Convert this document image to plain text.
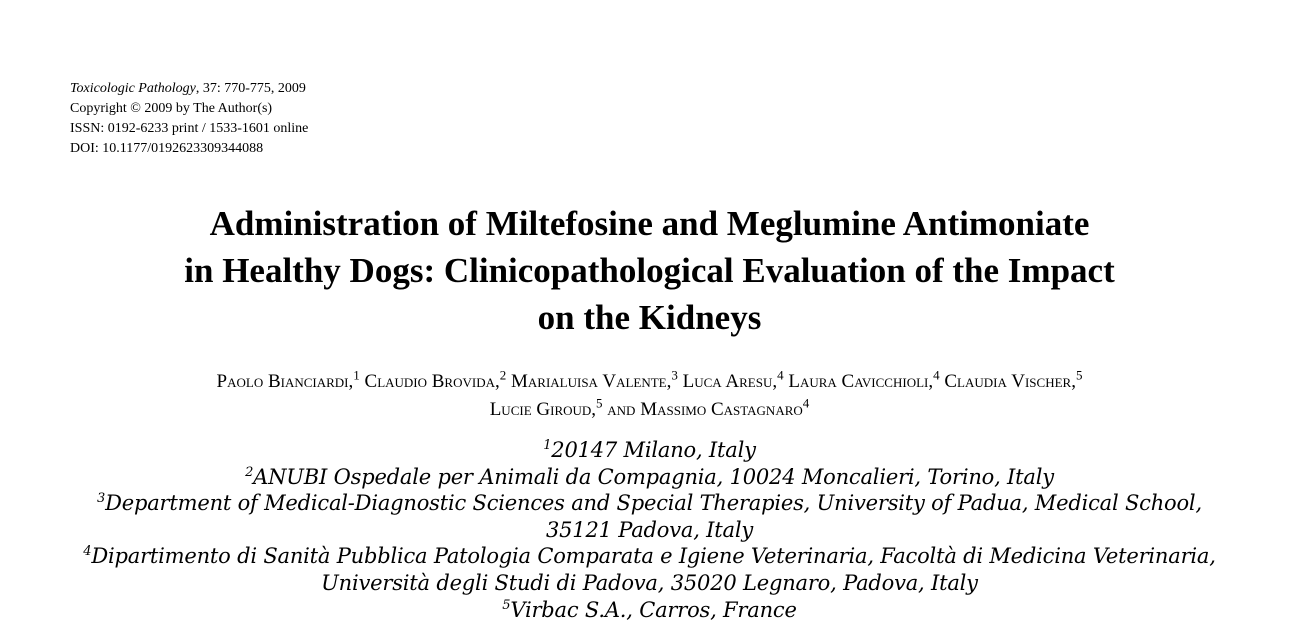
Toxicologic Pathology, 37: 770-775, 2009
Copyright © 2009 by The Author(s)
ISSN: 0192-6233 print / 1533-1601 online
DOI: 10.1177/0192623309344088
Administration of Miltefosine and Meglumine Antimoniate
in Healthy Dogs: Clinicopathological Evaluation of the Impact
on the Kidneys
Paolo Bianciardi,$^1$ Claudio Brovida,$^2$ Marialuisa Valente,$^3$ Luca Aresu,$^4$ Laura Cavicchioli,$^4$ Claudia Vischer,$^5$
Lucie Giroud,$^5$ and Massimo Castagnaro$^4$
$^1$20147 Milano, Italy
$^2$ANUBI Ospedale per Animali da Compagnia, 10024 Moncalieri, Torino, Italy
$^3$Department of Medical-Diagnostic Sciences and Special Therapies, University of Padua, Medical School,
35121 Padova, Italy
$^4$Dipartimento di Sanità Pubblica Patologia Comparata e Igiene Veterinaria, Facoltà di Medicina Veterinaria,
Università degli Studi di Padova, 35020 Legnaro, Padova, Italy
$^5$Virbac S.A., Carros, France
